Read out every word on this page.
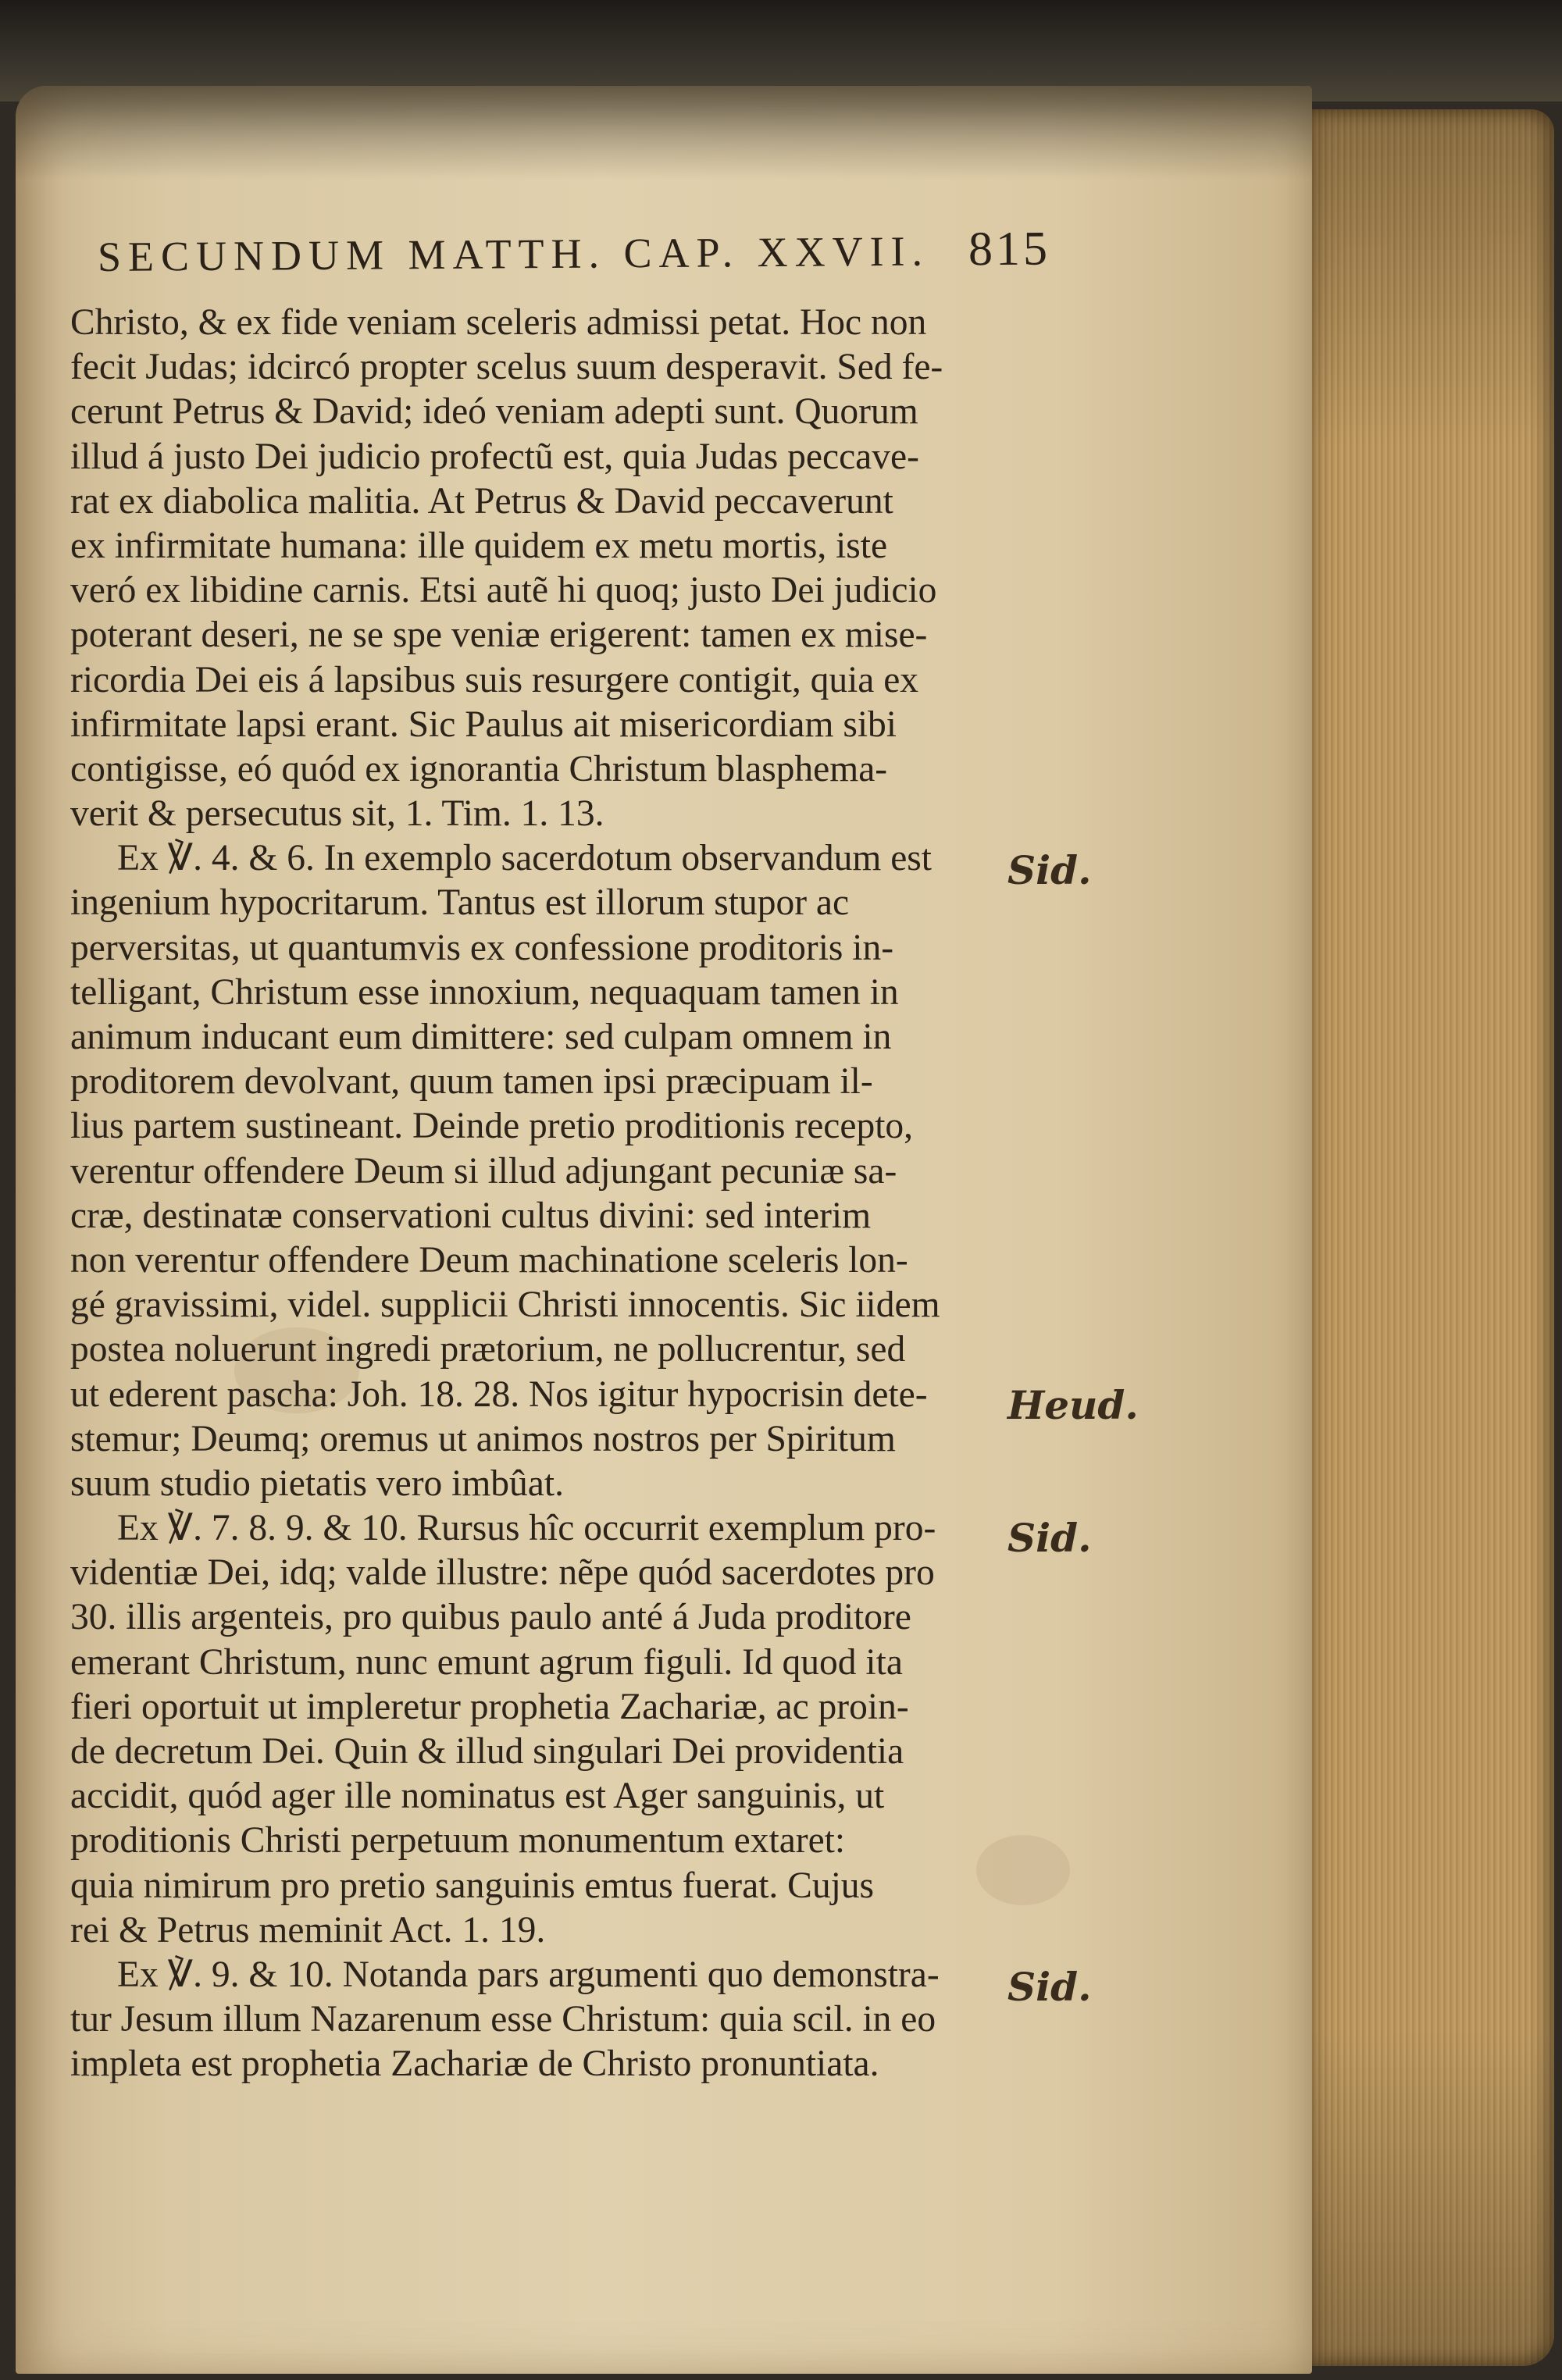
SECUNDUM MATTH. CAP. XXVII. 815
Christo, & ex fide veniam sceleris admissi petat. Hoc non
fecit Judas; idcircó propter scelus suum desperavit. Sed fe-
cerunt Petrus & David; ideó veniam adepti sunt. Quorum
illud á justo Dei judicio profectũ est, quia Judas peccave-
rat ex diabolica malitia. At Petrus & David peccaverunt
ex infirmitate humana: ille quidem ex metu mortis, iste
veró ex libidine carnis. Etsi autẽ hi quoq; justo Dei judicio
poterant deseri, ne se spe veniæ erigerent: tamen ex mise-
ricordia Dei eis á lapsibus suis resurgere contigit, quia ex
infirmitate lapsi erant. Sic Paulus ait misericordiam sibi
contigisse, eó quód ex ignorantia Christum blasphema-
verit & persecutus sit, 1. Tim. 1. 13.
Ex ℣. 4. & 6. In exemplo sacerdotum observandum est
ingenium hypocritarum. Tantus est illorum stupor ac
perversitas, ut quantumvis ex confessione proditoris in-
telligant, Christum esse innoxium, nequaquam tamen in
animum inducant eum dimittere: sed culpam omnem in
proditorem devolvant, quum tamen ipsi præcipuam il-
lius partem sustineant. Deinde pretio proditionis recepto,
verentur offendere Deum si illud adjungant pecuniæ sa-
cræ, destinatæ conservationi cultus divini: sed interim
non verentur offendere Deum machinatione sceleris lon-
gé gravissimi, videl. supplicii Christi innocentis. Sic iidem
postea noluerunt ingredi prætorium, ne pollucrentur, sed
ut ederent pascha: Joh. 18. 28. Nos igitur hypocrisin dete-
stemur; Deumq; oremus ut animos nostros per Spiritum
suum studio pietatis vero imbûat.
Ex ℣. 7. 8. 9. & 10. Rursus hîc occurrit exemplum pro-
videntiæ Dei, idq; valde illustre: nẽpe quód sacerdotes pro
30. illis argenteis, pro quibus paulo anté á Juda proditore
emerant Christum, nunc emunt agrum figuli. Id quod ita
fieri oportuit ut impleretur prophetia Zachariæ, ac proin-
de decretum Dei. Quin & illud singulari Dei providentia
accidit, quód ager ille nominatus est Ager sanguinis, ut
proditionis Christi perpetuum monumentum extaret:
quia nimirum pro pretio sanguinis emtus fuerat. Cujus
rei & Petrus meminit Act. 1. 19.
Ex ℣. 9. & 10. Notanda pars argumenti quo demonstra-
tur Jesum illum Nazarenum esse Christum: quia scil. in eo
impleta est prophetia Zachariæ de Christo pronuntiata.
Sid.
Heud.
Sid.
Sid.
